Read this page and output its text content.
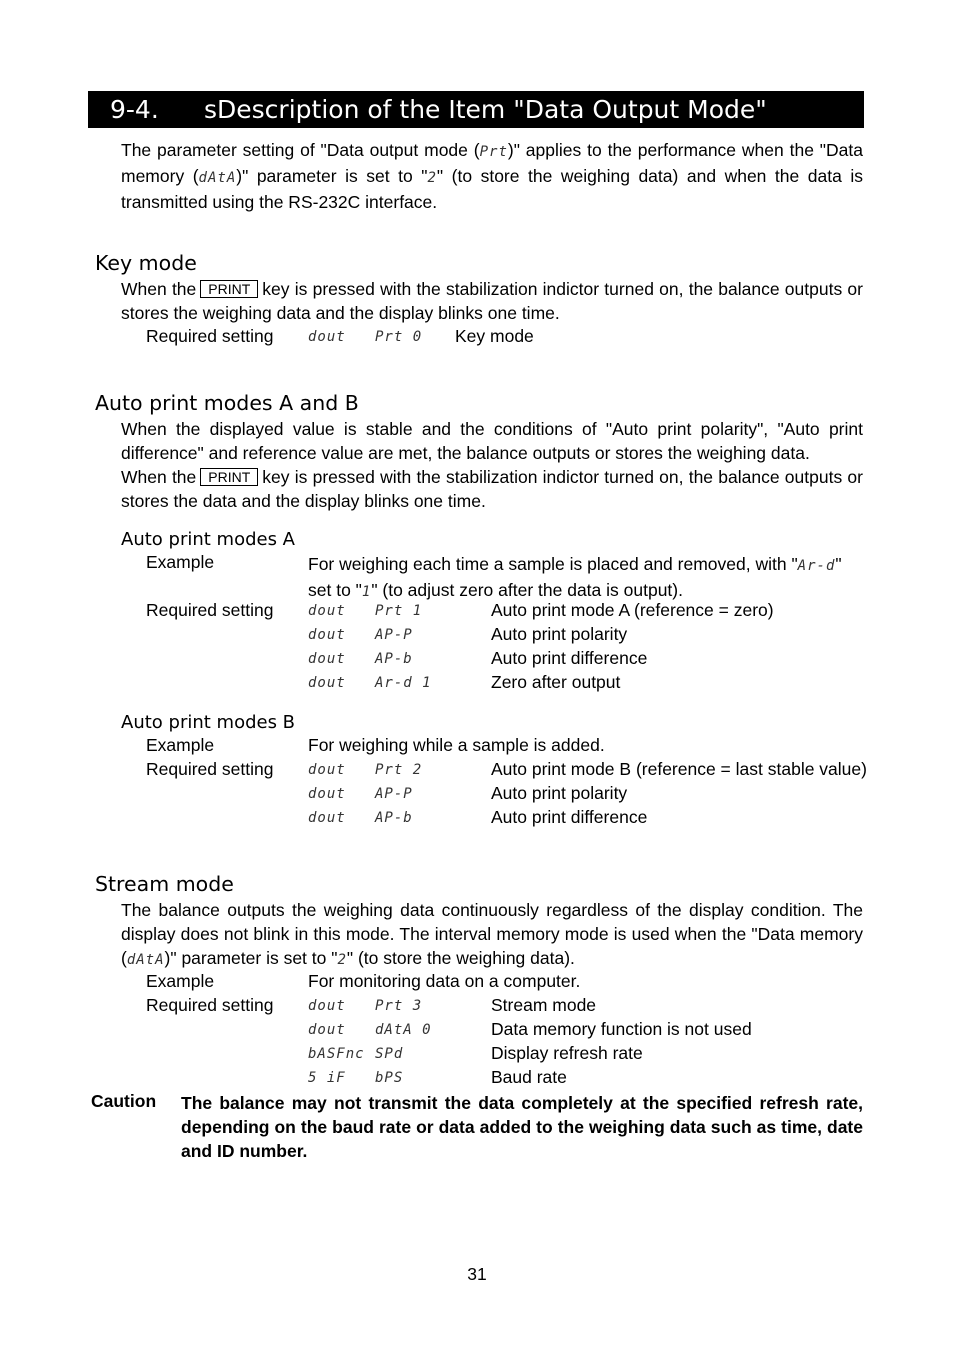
9-4. sDescription of the Item "Data Output Mode"
The parameter setting of "Data output mode (Prt)" applies to the performance when the "Data memory (dAtA)" parameter is set to "2" (to store the weighing data) and when the data is transmitted using the RS-232C interface.
Key mode
When the PRINT key is pressed with the stabilization indictor turned on, the balance outputs or stores the weighing data and the display blinks one time.
Required setting dout Prt 0 Key mode
Auto print modes A and B
When the displayed value is stable and the conditions of "Auto print polarity", "Auto print difference" and reference value are met, the balance outputs or stores the weighing data.
When the PRINT key is pressed with the stabilization indictor turned on, the balance outputs or stores the data and the display blinks one time.
Auto print modes A
Example	For weighing each time a sample is placed and removed, with "Ar-d"
set to "1" (to adjust zero after the data is output).
Required setting dout Prt 1	Auto print mode A (reference = zero)
dout AP-P	Auto print polarity
dout AP-b	Auto print difference
dout Ar-d 1	Zero after output
Auto print modes B
Example	For weighing while a sample is added.
Required setting dout Prt 2	Auto print mode B (reference = last stable value)
dout AP-P	Auto print polarity
dout AP-b	Auto print difference
Stream mode
The balance outputs the weighing data continuously regardless of the display condition. The display does not blink in this mode. The interval memory mode is used when the "Data memory (dAtA)" parameter is set to "2" (to store the weighing data).
Example	For monitoring data on a computer.
Required setting dout Prt 3	Stream mode
dout dAtA 0	Data memory function is not used
bASFnc SPd	Display refresh rate
5 iF bPS	Baud rate
Caution The balance may not transmit the data completely at the specified refresh rate, depending on the baud rate or data added to the weighing data such as time, date and ID number.
31
